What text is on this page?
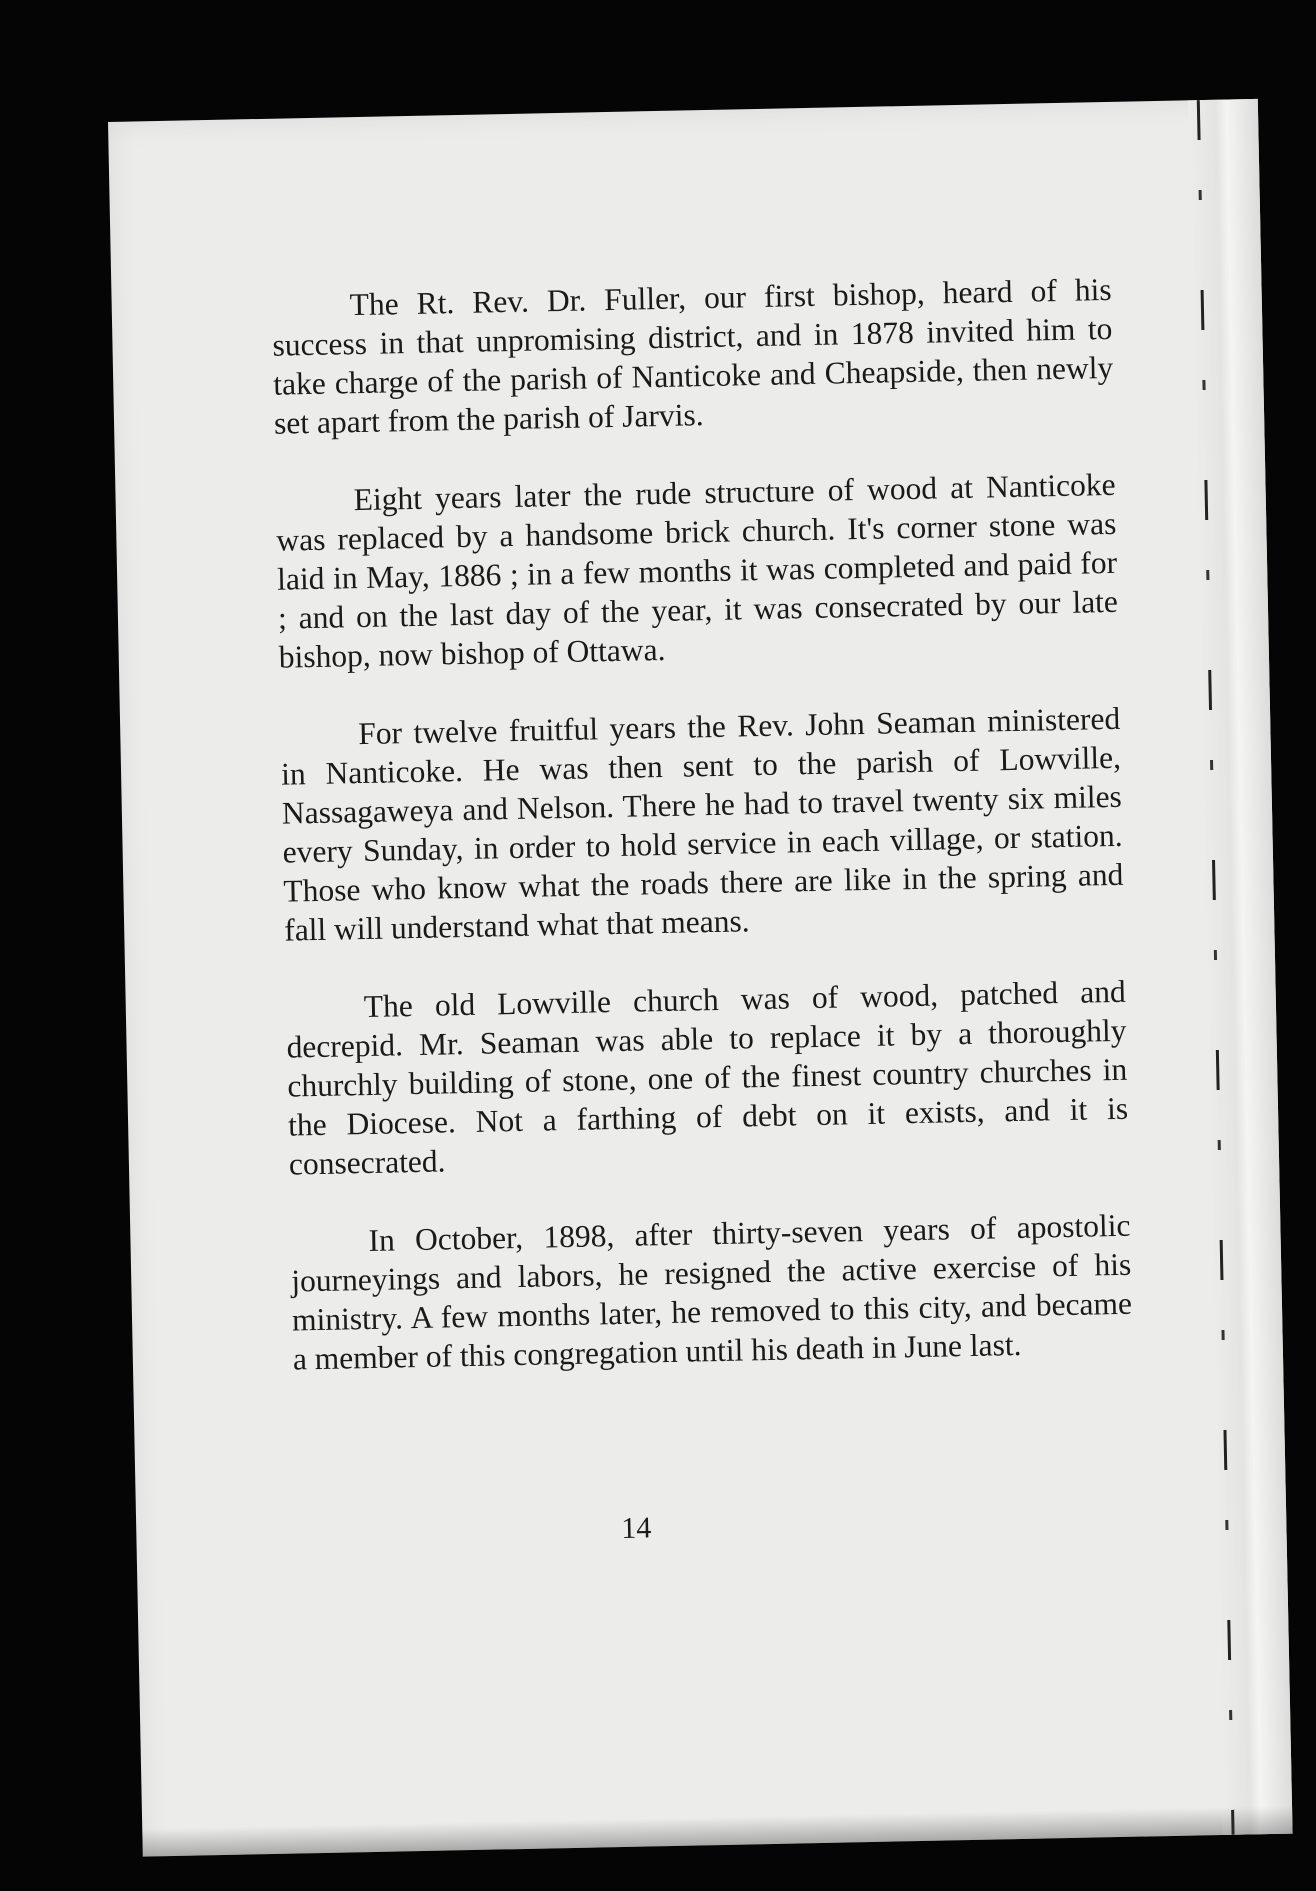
The Rt. Rev. Dr. Fuller, our first bishop, heard of his success in that unpromising district, and in 1878 invited him to take charge of the parish of Nanticoke and Cheapside, then newly set apart from the parish of Jarvis.

Eight years later the rude structure of wood at Nanticoke was replaced by a handsome brick church. It's corner stone was laid in May, 1886 ; in a few months it was completed and paid for ; and on the last day of the year, it was consecrated by our late bishop, now bishop of Ottawa.

For twelve fruitful years the Rev. John Seaman ministered in Nanticoke. He was then sent to the parish of Lowville, Nassagaweya and Nelson. There he had to travel twenty six miles every Sunday, in order to hold service in each village, or station. Those who know what the roads there are like in the spring and fall will understand what that means.

The old Lowville church was of wood, patched and decrepid. Mr. Seaman was able to replace it by a thoroughly churchly building of stone, one of the finest country churches in the Diocese. Not a farthing of debt on it exists, and it is consecrated.

In October, 1898, after thirty-seven years of apostolic journeyings and labors, he resigned the active exercise of his ministry. A few months later, he removed to this city, and became a member of this congregation until his death in June last.

14
